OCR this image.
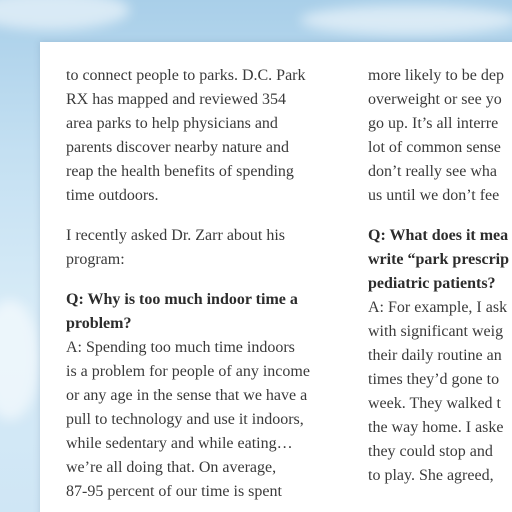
to connect people to parks. D.C. Park
RX has mapped and reviewed 354
area parks to help physicians and
parents discover nearby nature and
reap the health benefits of spending
time outdoors.
I recently asked Dr. Zarr about his
program:
Q: Why is too much indoor time a
problem?
A: Spending too much time indoors
is a problem for people of any income
or any age in the sense that we have a
pull to technology and use it indoors,
while sedentary and while eating…
we’re all doing that. On average,
87-95 percent of our time is spent
more likely to be dep
overweight or see yo
go up. It’s all interre
lot of common sense
don’t really see wha
us until we don’t fee
Q: What does it mea
write “park prescrip
pediatric patients?
A: For example, I ask
with significant weig
their daily routine an
times they’d gone to
week. They walked t
the way home. I aske
they could stop and
to play. She agreed,
